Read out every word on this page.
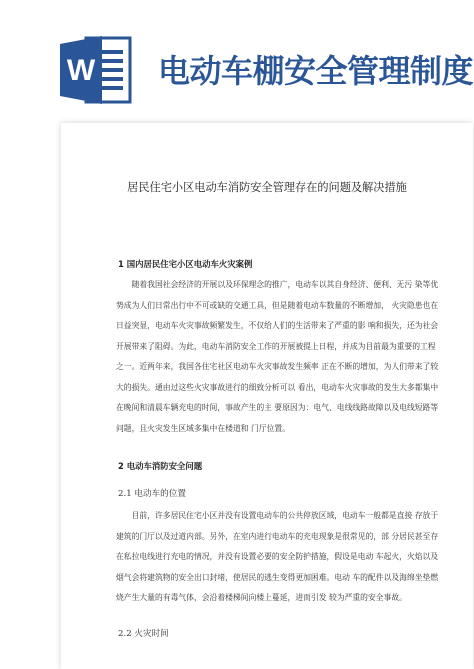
W 电动车棚安全管理制度
居民住宅小区电动车消防安全管理存在的问题及解决措施
1 国内居民住宅小区电动车火灾案例
　　随着我国社会经济的开展以及环保理念的推广，电动车以其自身经济、便利、无污 染等优
势成为人们日常出行中不可或缺的交通工具，但是随着电动车数量的不断增加， 火灾隐患也在
日益突显，电动车火灾事故频繁发生，不仅给人们的生活带来了严重的影 响和损失，还为社会
开展带来了阻碍。为此，电动车消防安全工作的开展被提上日程，并成为目前最为重要的工程
之一。近两年来，我国各住宅社区电动车火灾事故发生频率 正在不断的增加，为人们带来了较
大的损失。通由过这些火灾事故进行的细致分析可以 看出，电动车火灾事故的发生大多都集中
在晚间和清晨车辆充电的时间，事故产生的主 要原因为：电气、电线线路故障以及电线短路等
问题，且火灾发生区域多集中在楼道和 门厅位置。
2 电动车消防安全问题
2.1 电动车的位置
　　目前，许多居民住宅小区并没有设置电动车的公共停放区域，电动车一般都是直接 存放于
建筑的门厅以及过道内部。另外，在室内进行电动车的充电现象是很常见的，部 分居民甚至存
在私拉电线进行充电的情况，并没有设置必要的安全防护措施，假设是电动 车起火，火焰以及
烟气会将建筑物的安全出口封堵，使居民的逃生变得更加困难。电动 车的配件以及海绵坐垫燃
烧产生大量的有毒气体，会沿着楼梯间向楼上蔓延，进而引发 较为严重的安全事故。
2.2 火灾时间
